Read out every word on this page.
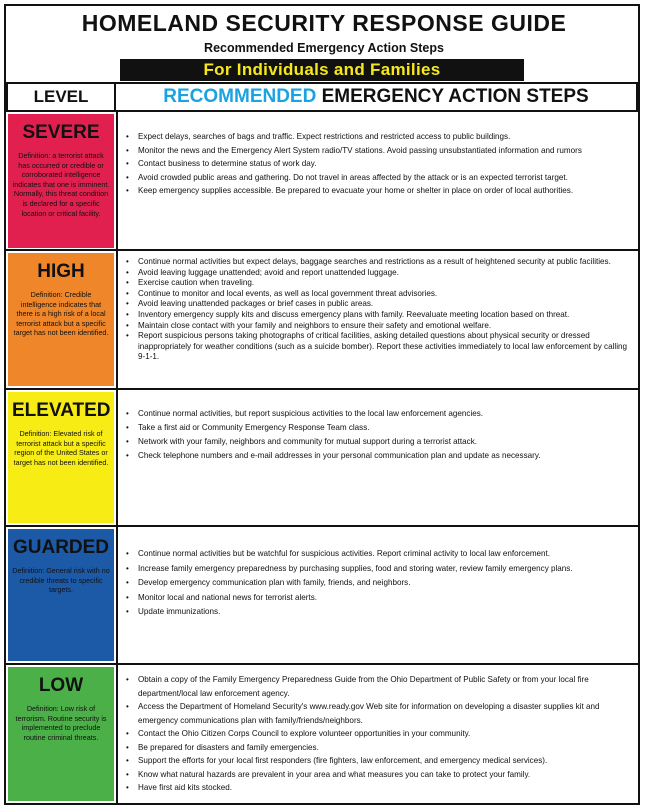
HOMELAND SECURITY RESPONSE GUIDE
Recommended Emergency Action Steps
For Individuals and Families
LEVEL	RECOMMENDED EMERGENCY ACTION STEPS
SEVERE
Definition: a terrorist attack has occurred or credible or corroborated intelligence indicates that one is imminent. Normally, this threat condition is declared for a specific location or critical facility.
• Expect delays, searches of bags and traffic. Expect restrictions and restricted access to public buildings.
• Monitor the news and the Emergency Alert System radio/TV stations. Avoid passing unsubstantiated information and rumors
• Contact business to determine status of work day.
• Avoid crowded public areas and gathering. Do not travel in areas affected by the attack or is an expected terrorist target.
• Keep emergency supplies accessible. Be prepared to evacuate your home or shelter in place on order of local authorities.
HIGH
Definition: Credible intelligence indicates that there is a high risk of a local terrorist attack but a specific target has not been identified.
• Continue normal activities but expect delays, baggage searches and restrictions as a result of heightened security at public facilities.
• Avoid leaving luggage unattended; avoid and report unattended luggage.
• Exercise caution when traveling.
• Continue to monitor and local events, as well as local government threat advisories.
• Avoid leaving unattended packages or brief cases in public areas.
• Inventory emergency supply kits and discuss emergency plans with family. Reevaluate meeting location based on threat.
• Maintain close contact with your family and neighbors to ensure their safety and emotional welfare.
• Report suspicious persons taking photographs of critical facilities, asking detailed questions about physical security or dressed inappropriately for weather conditions (such as a suicide bomber). Report these activities immediately to local law enforcement by calling 9-1-1.
ELEVATED
Definition: Elevated risk of terrorist attack but a specific region of the United States or target has not been identified.
• Continue normal activities, but report suspicious activities to the local law enforcement agencies.
• Take a first aid or Community Emergency Response Team class.
• Network with your family, neighbors and community for mutual support during a terrorist attack.
• Check telephone numbers and e-mail addresses in your personal communication plan and update as necessary.
GUARDED
Definition: General risk with no credible threats to specific targets.
• Continue normal activities but be watchful for suspicious activities. Report criminal activity to local law enforcement.
• Increase family emergency preparedness by purchasing supplies, food and storing water, review family emergency plans.
• Develop emergency communication plan with family, friends, and neighbors.
• Monitor local and national news for terrorist alerts.
• Update immunizations.
LOW
Definition: Low risk of terrorism. Routine security is implemented to preclude routine criminal threats.
• Obtain a copy of the Family Emergency Preparedness Guide from the Ohio Department of Public Safety or from your local fire department/local law enforcement agency.
• Access the Department of Homeland Security's www.ready.gov Web site for information on developing a disaster supplies kit and emergency communications plan with family/friends/neighbors.
• Contact the Ohio Citizen Corps Council to explore volunteer opportunities in your community.
• Be prepared for disasters and family emergencies.
• Support the efforts for your local first responders (fire fighters, law enforcement, and emergency medical services).
• Know what natural hazards are prevalent in your area and what measures you can take to protect your family.
• Have first aid kits stocked.
